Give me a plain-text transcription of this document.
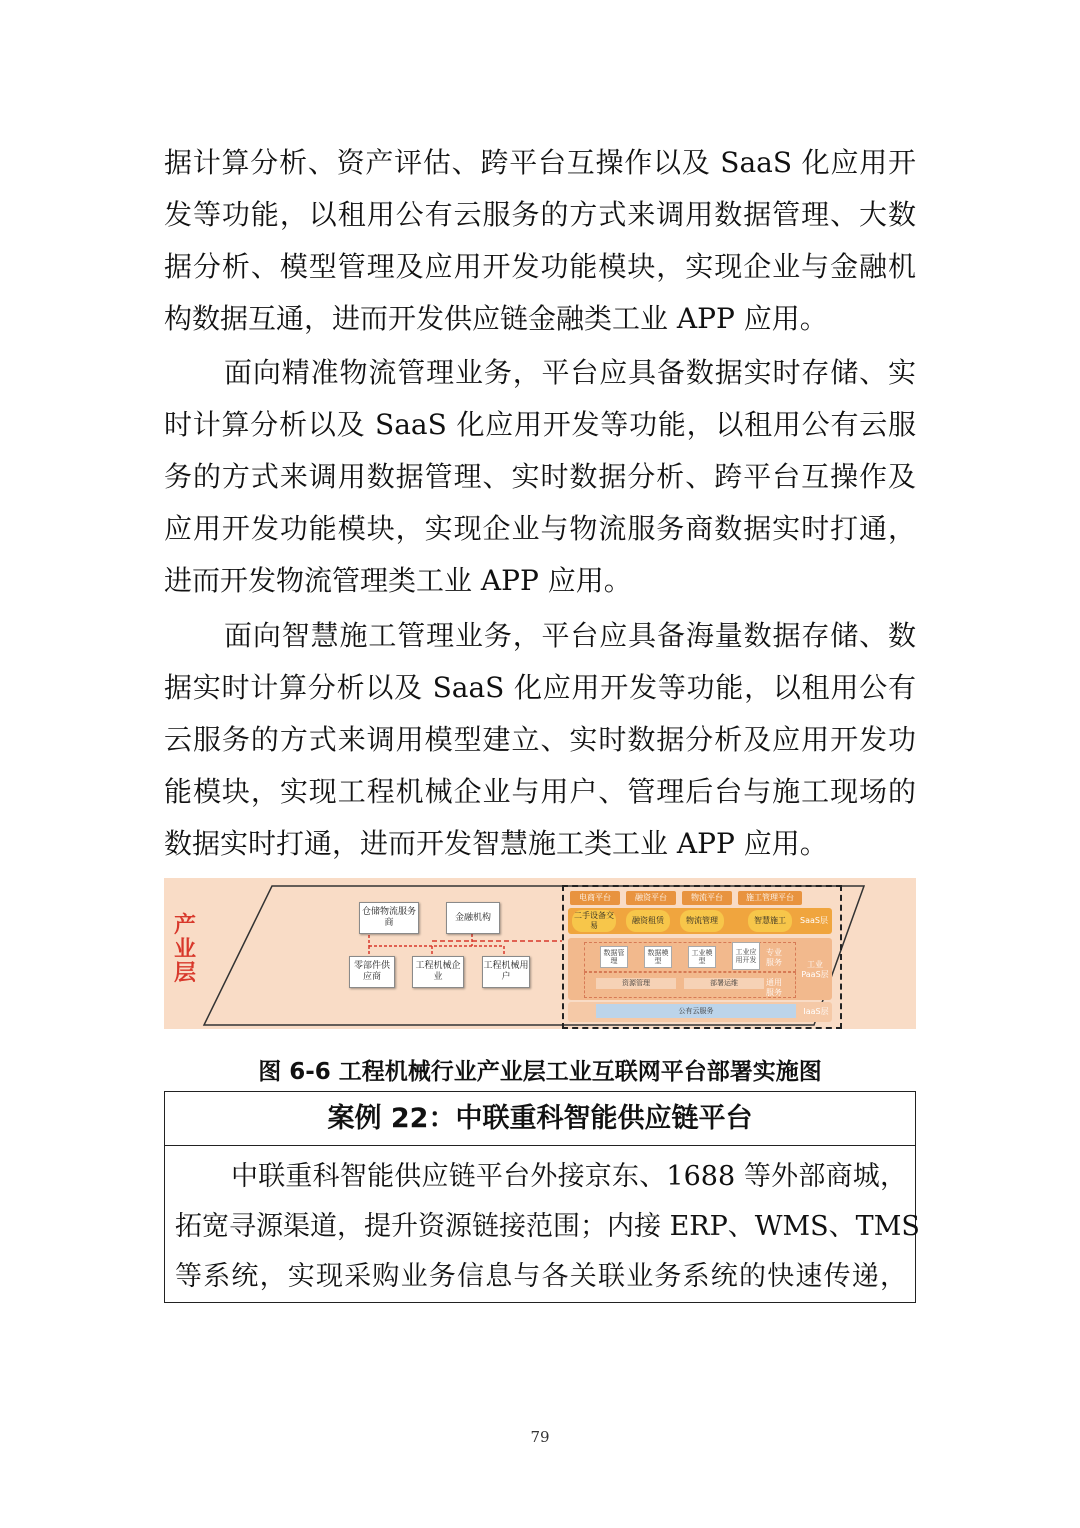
据计算分析、资产评估、跨平台互操作以及 SaaS 化应用开
发等功能，以租用公有云服务的方式来调用数据管理、大数
据分析、模型管理及应用开发功能模块，实现企业与金融机
构数据互通，进而开发供应链金融类工业 APP 应用。
面向精准物流管理业务，平台应具备数据实时存储、实
时计算分析以及 SaaS 化应用开发等功能，以租用公有云服
务的方式来调用数据管理、实时数据分析、跨平台互操作及
应用开发功能模块，实现企业与物流服务商数据实时打通，
进而开发物流管理类工业 APP 应用。
面向智慧施工管理业务，平台应具备海量数据存储、数
据实时计算分析以及 SaaS 化应用开发等功能，以租用公有
云服务的方式来调用模型建立、实时数据分析及应用开发功
能模块，实现工程机械企业与用户、管理后台与施工现场的
数据实时打通，进而开发智慧施工类工业 APP 应用。
产业层
仓储物流服务商
金融机构
零部件供应商
工程机械企业
工程机械用户
电商平台	融资平台	物流平台	施工管理平台
二手设备交易
融资租赁	物流管理	智慧施工	SaaS层
数据管理
数据模型
工业模型
工业应用开发
专业服务
资源管理	部署运维	通用服务
工业PaaS层
公有云服务	IaaS层
图 6-6 工程机械行业产业层工业互联网平台部署实施图
案例 22：中联重科智能供应链平台
中联重科智能供应链平台外接京东、1688 等外部商城，
拓宽寻源渠道，提升资源链接范围；内接 ERP、WMS、TMS
等系统，实现采购业务信息与各关联业务系统的快速传递，
79
